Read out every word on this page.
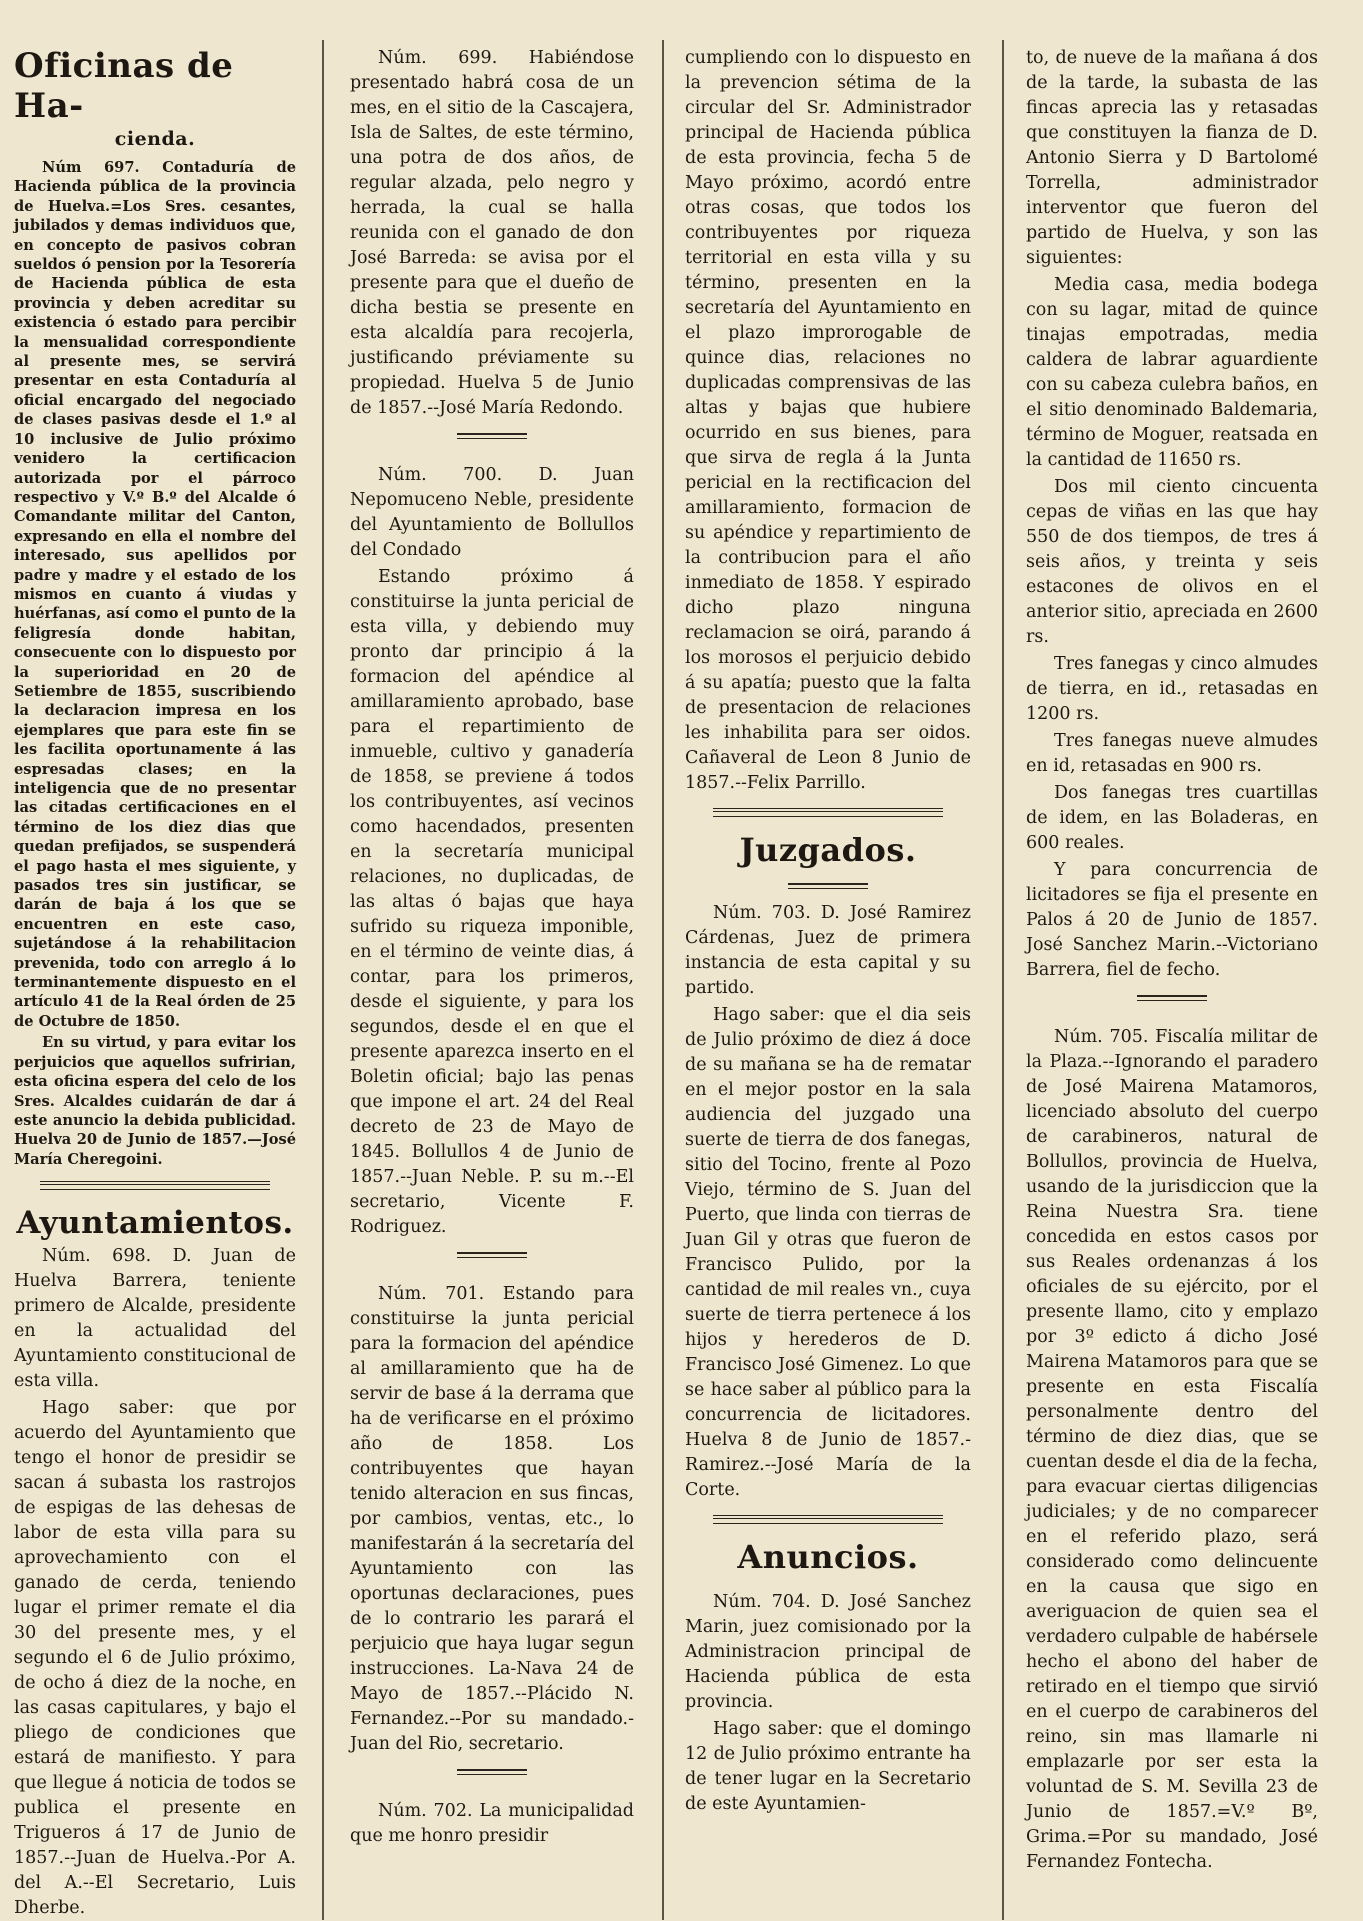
Oficinas de Ha-
cienda.

Núm 697. Contaduría de Hacienda pública de la provincia de Huelva.=Los Sres. cesantes, jubilados y demas individuos que, en concepto de pasivos cobran sueldos ó pension por la Tesorería de Hacienda pública de esta provincia y deben acreditar su existencia ó estado para percibir la mensualidad correspondiente al presente mes, se servirá presentar en esta Contaduría al oficial encargado del negociado de clases pasivas desde el 1.º al 10 inclusive de Julio próximo venidero la certificacion autorizada por el párroco respectivo y V.º B.º del Alcalde ó Comandante militar del Canton, expresando en ella el nombre del interesado, sus apellidos por padre y madre y el estado de los mismos en cuanto á viudas y huérfanas, así como el punto de la feligresía donde habitan, consecuente con lo dispuesto por la superioridad en 20 de Setiembre de 1855, suscribiendo la declaracion impresa en los ejemplares que para este fin se les facilita oportunamente á las espresadas clases; en la inteligencia que de no presentar las citadas certificaciones en el término de los diez dias que quedan prefijados, se suspenderá el pago hasta el mes siguiente, y pasados tres sin justificar, se darán de baja á los que se encuentren en este caso, sujetándose á la rehabilitacion prevenida, todo con arreglo á lo terminantemente dispuesto en el artículo 41 de la Real órden de 25 de Octubre de 1850.

En su virtud, y para evitar los perjuicios que aquellos sufririan, esta oficina espera del celo de los Sres. Alcaldes cuidarán de dar á este anuncio la debida publicidad. Huelva 20 de Junio de 1857.—José María Cheregoini.

Ayuntamientos.

Núm. 698. D. Juan de Huelva Barrera, teniente primero de Alcalde, presidente en la actualidad del Ayuntamiento constitucional de esta villa.

Hago saber: que por acuerdo del Ayuntamiento que tengo el honor de presidir se sacan á subasta los rastrojos de espigas de las dehesas de labor de esta villa para su aprovechamiento con el ganado de cerda, teniendo lugar el primer remate el dia 30 del presente mes, y el segundo el 6 de Julio próximo, de ocho á diez de la noche, en las casas capitulares, y bajo el pliego de condiciones que estará de manifiesto. Y para que llegue á noticia de todos se publica el presente en Trigueros á 17 de Junio de 1857.--Juan de Huelva.-Por A. del A.--El Secretario, Luis Dherbe.

Núm. 699. Habiéndose presentado habrá cosa de un mes, en el sitio de la Cascajera, Isla de Saltes, de este término, una potra de dos años, de regular alzada, pelo negro y herrada, la cual se halla reunida con el ganado de don José Barreda: se avisa por el presente para que el dueño de dicha bestia se presente en esta alcaldía para recojerla, justificando préviamente su propiedad. Huelva 5 de Junio de 1857.--José María Redondo.

Núm. 700. D. Juan Nepomuceno Neble, presidente del Ayuntamiento de Bollullos del Condado

Estando próximo á constituirse la junta pericial de esta villa, y debiendo muy pronto dar principio á la formacion del apéndice al amillaramiento aprobado, base para el repartimiento de inmueble, cultivo y ganadería de 1858, se previene á todos los contribuyentes, así vecinos como hacendados, presenten en la secretaría municipal relaciones, no duplicadas, de las altas ó bajas que haya sufrido su riqueza imponible, en el término de veinte dias, á contar, para los primeros, desde el siguiente, y para los segundos, desde el en que el presente aparezca inserto en el Boletin oficial; bajo las penas que impone el art. 24 del Real decreto de 23 de Mayo de 1845. Bollullos 4 de Junio de 1857.--Juan Neble. P. su m.--El secretario, Vicente F. Rodriguez.

Núm. 701. Estando para constituirse la junta pericial para la formacion del apéndice al amillaramiento que ha de servir de base á la derrama que ha de verificarse en el próximo año de 1858. Los contribuyentes que hayan tenido alteracion en sus fincas, por cambios, ventas, etc., lo manifestarán á la secretaría del Ayuntamiento con las oportunas declaraciones, pues de lo contrario les parará el perjuicio que haya lugar segun instrucciones. La-Nava 24 de Mayo de 1857.--Plácido N. Fernandez.--Por su mandado.-Juan del Rio, secretario.

Núm. 702. La municipalidad que me honro presidir

cumpliendo con lo dispuesto en la prevencion sétima de la circular del Sr. Administrador principal de Hacienda pública de esta provincia, fecha 5 de Mayo próximo, acordó entre otras cosas, que todos los contribuyentes por riqueza territorial en esta villa y su término, presenten en la secretaría del Ayuntamiento en el plazo improrogable de quince dias, relaciones no duplicadas comprensivas de las altas y bajas que hubiere ocurrido en sus bienes, para que sirva de regla á la Junta pericial en la rectificacion del amillaramiento, formacion de su apéndice y repartimiento de la contribucion para el año inmediato de 1858. Y espirado dicho plazo ninguna reclamacion se oirá, parando á los morosos el perjuicio debido á su apatía; puesto que la falta de presentacion de relaciones les inhabilita para ser oidos. Cañaveral de Leon 8 Junio de 1857.--Felix Parrillo.

Juzgados.

Núm. 703. D. José Ramirez Cárdenas, Juez de primera instancia de esta capital y su partido.

Hago saber: que el dia seis de Julio próximo de diez á doce de su mañana se ha de rematar en el mejor postor en la sala audiencia del juzgado una suerte de tierra de dos fanegas, sitio del Tocino, frente al Pozo Viejo, término de S. Juan del Puerto, que linda con tierras de Juan Gil y otras que fueron de Francisco Pulido, por la cantidad de mil reales vn., cuya suerte de tierra pertenece á los hijos y herederos de D. Francisco José Gimenez. Lo que se hace saber al público para la concurrencia de licitadores. Huelva 8 de Junio de 1857.- Ramirez.--José María de la Corte.

Anuncios.

Núm. 704. D. José Sanchez Marin, juez comisionado por la Administracion principal de Hacienda pública de esta provincia.

Hago saber: que el domingo 12 de Julio próximo entrante ha de tener lugar en la Secretario de este Ayuntamien-

to, de nueve de la mañana á dos de la tarde, la subasta de las fincas aprecia las y retasadas que constituyen la fianza de D. Antonio Sierra y D Bartolomé Torrella, administrador interventor que fueron del partido de Huelva, y son las siguientes:

Media casa, media bodega con su lagar, mitad de quince tinajas empotradas, media caldera de labrar aguardiente con su cabeza culebra baños, en el sitio denominado Baldemaria, término de Moguer, reatsada en la cantidad de 11650 rs.

Dos mil ciento cincuenta cepas de viñas en las que hay 550 de dos tiempos, de tres á seis años, y treinta y seis estacones de olivos en el anterior sitio, apreciada en 2600 rs.

Tres fanegas y cinco almudes de tierra, en id., retasadas en 1200 rs.

Tres fanegas nueve almudes en id, retasadas en 900 rs.

Dos fanegas tres cuartillas de idem, en las Boladeras, en 600 reales.

Y para concurrencia de licitadores se fija el presente en Palos á 20 de Junio de 1857. José Sanchez Marin.--Victoriano Barrera, fiel de fecho.

Núm. 705. Fiscalía militar de la Plaza.--Ignorando el paradero de José Mairena Matamoros, licenciado absoluto del cuerpo de carabineros, natural de Bollullos, provincia de Huelva, usando de la jurisdiccion que la Reina Nuestra Sra. tiene concedida en estos casos por sus Reales ordenanzas á los oficiales de su ejército, por el presente llamo, cito y emplazo por 3º edicto á dicho José Mairena Matamoros para que se presente en esta Fiscalía personalmente dentro del término de diez dias, que se cuentan desde el dia de la fecha, para evacuar ciertas diligencias judiciales; y de no comparecer en el referido plazo, será considerado como delincuente en la causa que sigo en averiguacion de quien sea el verdadero culpable de habérsele hecho el abono del haber de retirado en el tiempo que sirvió en el cuerpo de carabineros del reino, sin mas llamarle ni emplazarle por ser esta la voluntad de S. M. Sevilla 23 de Junio de 1857.=V.º Bº, Grima.=Por su mandado, José Fernandez Fontecha.
